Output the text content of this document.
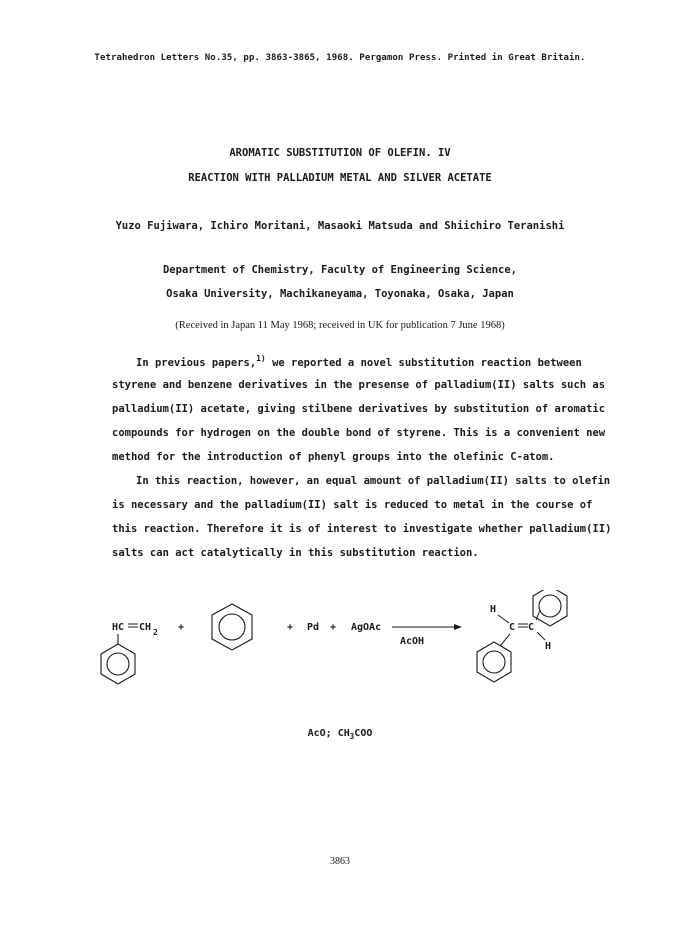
Tetrahedron Letters No.35, pp. 3863-3865, 1968. Pergamon Press. Printed in Great Britain.
AROMATIC SUBSTITUTION OF OLEFIN. IV
REACTION WITH PALLADIUM METAL AND SILVER ACETATE
Yuzo Fujiwara, Ichiro Moritani, Masaoki Matsuda and Shiichiro Teranishi
Department of Chemistry, Faculty of Engineering Science,
Osaka University, Machikaneyama, Toyonaka, Osaka, Japan
(Received in Japan 11 May 1968; received in UK for publication 7 June 1968)
In previous papers,$^{1)}$ we reported a novel substitution reaction between
styrene and benzene derivatives in the presense of palladium(II) salts such as
palladium(II) acetate, giving stilbene derivatives by substitution of aromatic
compounds for hydrogen on the double bond of styrene. This is a convenient new
method for the introduction of phenyl groups into the olefinic C-atom.
In this reaction, however, an equal amount of palladium(II) salts to olefin
is necessary and the palladium(II) salt is reduced to metal in the course of
this reaction. Therefore it is of interest to investigate whether palladium(II)
salts can act catalytically in this substitution reaction.
HC CH 2 +	+ Pd + AgOAc
AcOH
H
C C
H
AcO; $CH_3COO$
3863
